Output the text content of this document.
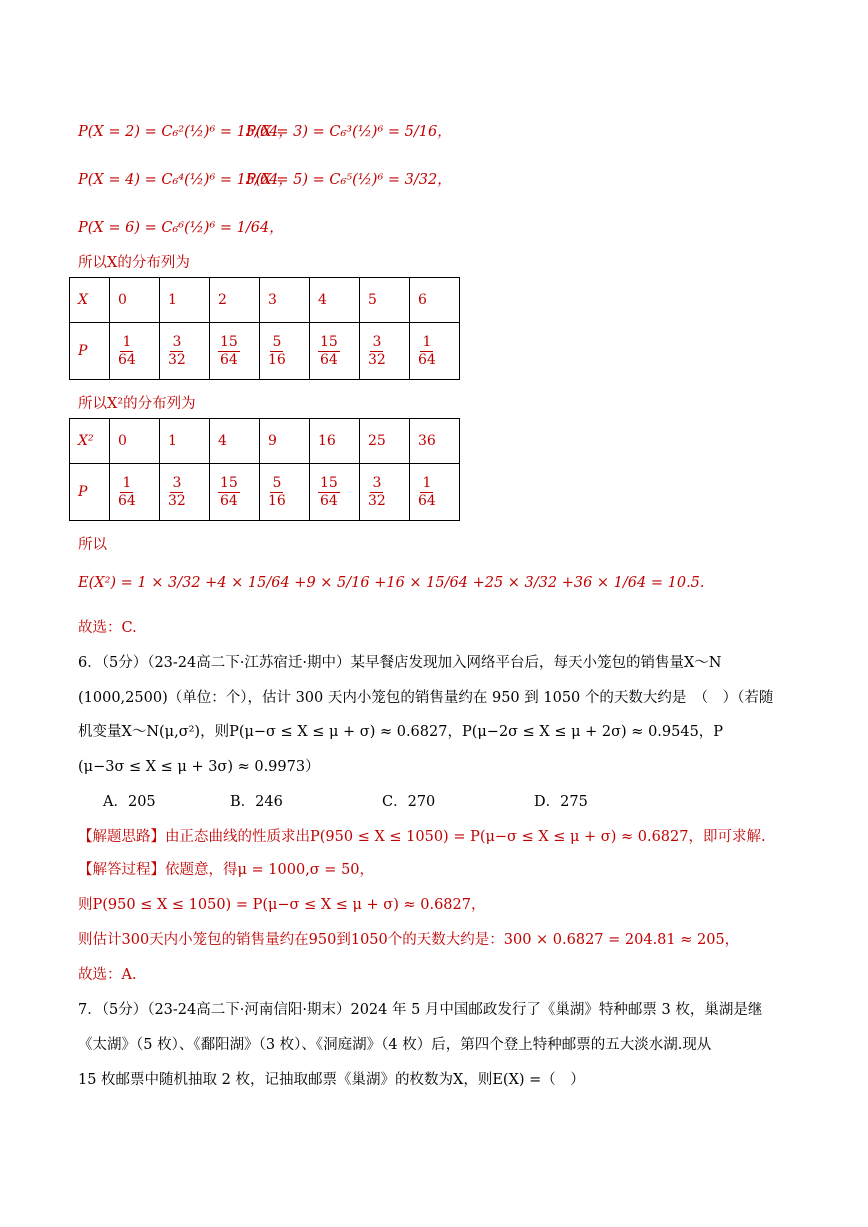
P(X = 2) = C₆²(½)⁶ = 15/64，
P(X = 3) = C₆³(½)⁶ = 5/16，
P(X = 4) = C₆⁴(½)⁶ = 15/64，
P(X = 5) = C₆⁵(½)⁶ = 3/32，
P(X = 6) = C₆⁶(½)⁶ = 1/64，
所以X的分布列为
X	0	1	2	3	4	5	6
P	$\frac{1}{64}$	$\frac{3}{32}$	$\frac{15}{64}$	$\frac{5}{16}$	$\frac{15}{64}$	$\frac{3}{32}$	$\frac{1}{64}$
所以X²的分布列为
X²	0	1	4	9	16	25	36
P	$\frac{1}{64}$	$\frac{3}{32}$	$\frac{15}{64}$	$\frac{5}{16}$	$\frac{15}{64}$	$\frac{3}{32}$	$\frac{1}{64}$
所以
E(X²) = 1 × 3/32 +4 × 15/64 +9 × 5/16 +16 × 15/64 +25 × 3/32 +36 × 1/64 = 10.5.
故选：C.
6．（5分）（23-24高二下·江苏宿迁·期中）某早餐店发现加入网络平台后，每天小笼包的销售量X～N
(1000,2500)（单位：个），估计 300 天内小笼包的销售量约在 950 到 1050 个的天数大约是　（　）（若随
机变量X～N(μ,σ²)，则P(μ−σ ≤ X ≤ μ + σ) ≈ 0.6827，P(μ−2σ ≤ X ≤ μ + 2σ) ≈ 0.9545，P
(μ−3σ ≤ X ≤ μ + 3σ) ≈ 0.9973）
A．205	B．246	C．270	D．275
【解题思路】由正态曲线的性质求出P(950 ≤ X ≤ 1050) = P(μ−σ ≤ X ≤ μ + σ) ≈ 0.6827，即可求解.
【解答过程】依题意，得μ = 1000,σ = 50，
则P(950 ≤ X ≤ 1050) = P(μ−σ ≤ X ≤ μ + σ) ≈ 0.6827，
则估计300天内小笼包的销售量约在950到1050个的天数大约是：300 × 0.6827 = 204.81 ≈ 205，
故选：A.
7．（5分）（23-24高二下·河南信阳·期末）2024 年 5 月中国邮政发行了《巢湖》特种邮票 3 枚，巢湖是继
《太湖》（5 枚）、《鄱阳湖》（3 枚）、《洞庭湖》（4 枚）后，第四个登上特种邮票的五大淡水湖.现从
15 枚邮票中随机抽取 2 枚，记抽取邮票《巢湖》的枚数为X，则E(X) =（　）
